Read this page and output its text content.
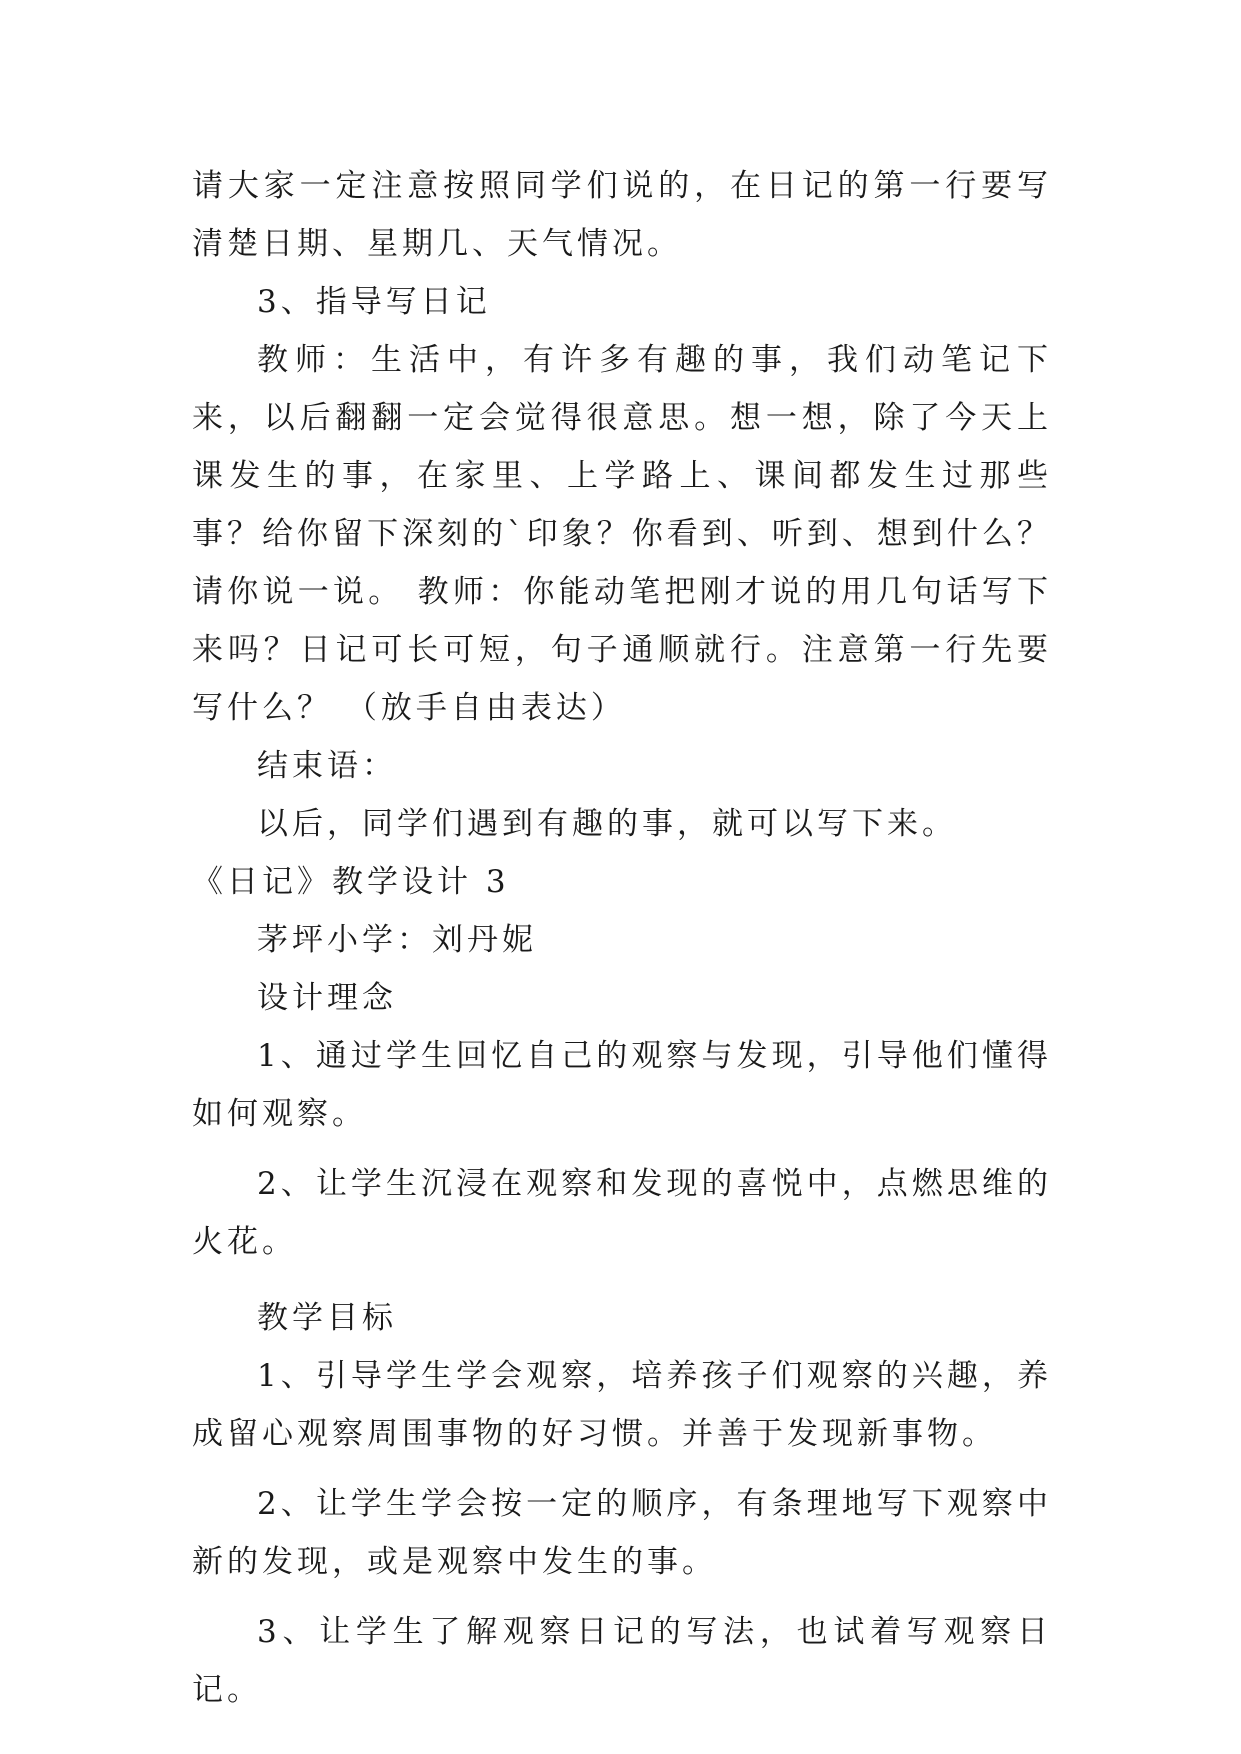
请大家一定注意按照同学们说的，在日记的第一行要写清楚日期、星期几、天气情况。

3、指导写日记

教师：生活中，有许多有趣的事，我们动笔记下来，以后翻翻一定会觉得很意思。想一想，除了今天上课发生的事，在家里、上学路上、课间都发生过那些事？给你留下深刻的`印象？你看到、听到、想到什么？请你说一说。 教师：你能动笔把刚才说的用几句话写下来吗？日记可长可短，句子通顺就行。注意第一行先要写什么？ （放手自由表达）

结束语：

以后，同学们遇到有趣的事，就可以写下来。

《日记》教学设计 3

茅坪小学：刘丹妮

设计理念

1、通过学生回忆自己的观察与发现，引导他们懂得如何观察。

2、让学生沉浸在观察和发现的喜悦中，点燃思维的火花。

教学目标

1、引导学生学会观察，培养孩子们观察的兴趣，养成留心观察周围事物的好习惯。并善于发现新事物。

2、让学生学会按一定的顺序，有条理地写下观察中新的发现，或是观察中发生的事。

3、让学生了解观察日记的写法，也试着写观察日记。
